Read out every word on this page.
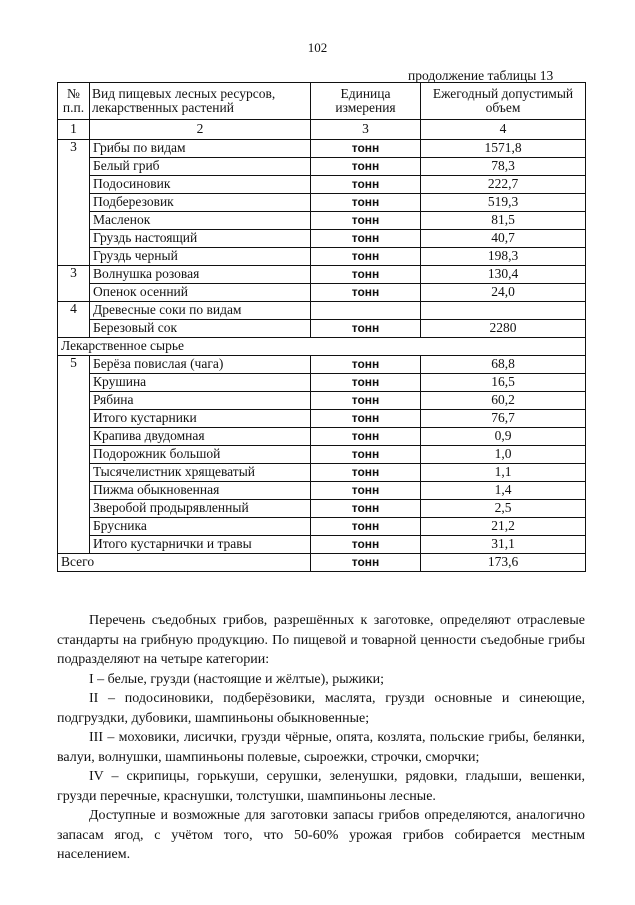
102
продолжение таблицы 13
№ п.п.	Вид пищевых лесных ресурсов, лекарственных растений	Единица измерения	Ежегодный допустимый объем
1	2	3	4
3	Грибы по видам	тонн	1571,8
	Белый гриб	тонн	78,3
	Подосиновик	тонн	222,7
	Подберезовик	тонн	519,3
	Масленок	тонн	81,5
	Груздь настоящий	тонн	40,7
	Груздь черный	тонн	198,3
3	Волнушка розовая	тонн	130,4
	Опенок осенний	тонн	24,0
4	Древесные соки по видам		
	Березовый сок	тонн	2280
Лекарственное сырье			
5	Берёза повислая (чага)	тонн	68,8
	Крушина	тонн	16,5
	Рябина	тонн	60,2
	Итого кустарники	тонн	76,7
	Крапива двудомная	тонн	0,9
	Подорожник большой	тонн	1,0
	Тысячелистник хрящеватый	тонн	1,1
	Пижма обыкновенная	тонн	1,4
	Зверобой продырявленный	тонн	2,5
	Брусника	тонн	21,2
	Итого кустарнички и травы	тонн	31,1
Всего		тонн	173,6

Перечень съедобных грибов, разрешённых к заготовке, определяют отраслевые стандарты на грибную продукцию. По пищевой и товарной ценности съедобные грибы подразделяют на четыре категории:

I – белые, грузди (настоящие и жёлтые), рыжики;

II – подосиновики, подберёзовики, маслята, грузди основные и синеющие, подгруздки, дубовики, шампиньоны обыкновенные;

III – моховики, лисички, грузди чёрные, опята, козлята, польские грибы, белянки, валуи, волнушки, шампиньоны полевые, сыроежки, строчки, сморчки;

IV – скрипицы, горькуши, серушки, зеленушки, рядовки, гладыши, вешенки, грузди перечные, краснушки, толстушки, шампиньоны лесные.

Доступные и возможные для заготовки запасы грибов определяются, аналогично запасам ягод, с учётом того, что 50-60% урожая грибов собирается местным населением.
